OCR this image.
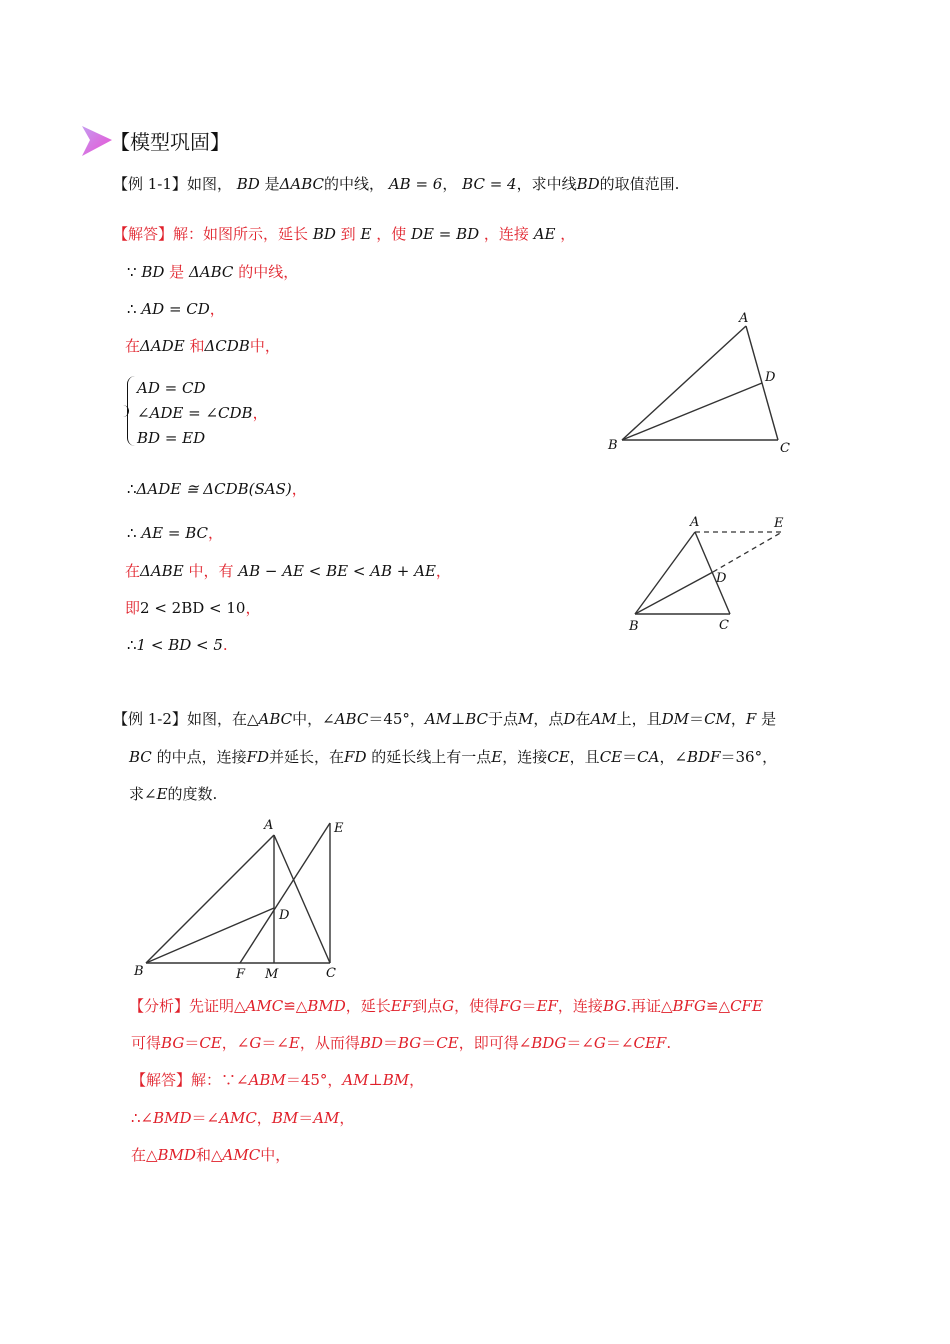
【模型巩固】
【例 1-1】如图， BD 是ΔABC的中线， AB = 6， BC = 4，求中线BD的取值范围.
【解答】解：如图所示，延长 BD 到 E ，使 DE = BD ，连接 AE ，
∵ BD 是 ΔABC 的中线，
∴ AD = CD，
在ΔADE 和ΔCDB中，
AD = CD
∠ADE = ∠CDB，
BD = ED
∴ΔADE ≅ ΔCDB(SAS)，
∴ AE = BC，
在ΔABE 中，有 AB − AE < BE < AB + AE，
即2 < 2BD < 10，
∴1 < BD < 5.
A
B	C
D
A	E
D
B	C
【例 1-2】如图，在△ABC中，∠ABC＝45°，AM⊥BC于点M，点D在AM上，且DM＝CM，F 是
BC 的中点，连接FD并延长，在FD 的延长线上有一点E，连接CE，且CE＝CA，∠BDF＝36°，
求∠E的度数.
A	E
D
B	F M	C
【分析】先证明△AMC≌△BMD，延长EF到点G，使得FG＝EF，连接BG.再证△BFG≌△CFE
可得BG＝CE，∠G＝∠E，从而得BD＝BG＝CE，即可得∠BDG＝∠G＝∠CEF.
【解答】解：∵∠ABM＝45°，AM⊥BM，
∴∠BMD＝∠AMC，BM＝AM，
在△BMD和△AMC中，
